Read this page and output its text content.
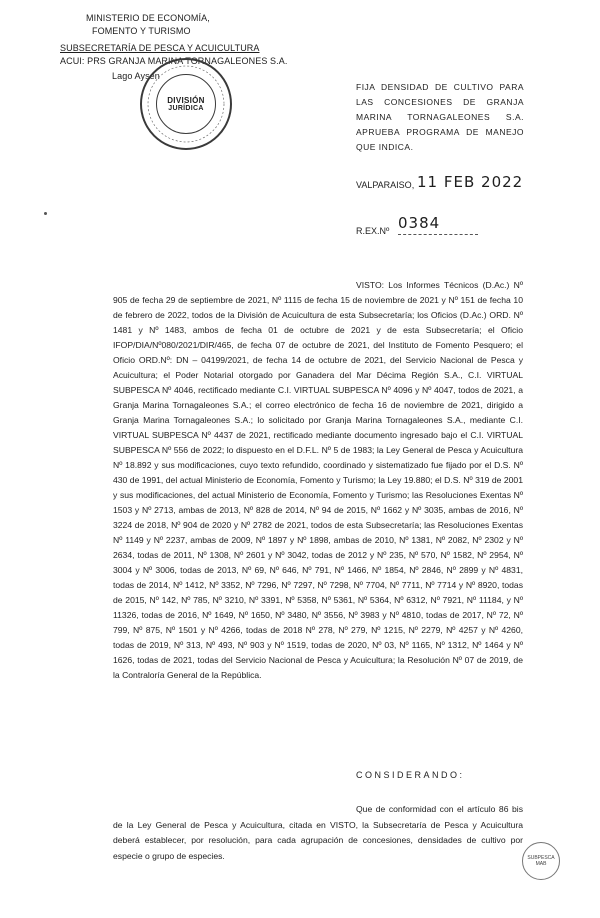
MINISTERIO DE ECONOMÍA,
FOMENTO Y TURISMO
SUBSECRETARÍA DE PESCA Y ACUICULTURA
ACUI: PRS GRANJA MARINA TORNAGALEONES S.A.
Lago Aysén
DIVISIÓN
JURÍDICA
FIJA DENSIDAD DE CULTIVO PARA LAS CONCESIONES DE GRANJA MARINA TORNAGALEONES S.A. APRUEBA PROGRAMA DE MANEJO QUE INDICA.
VALPARAISO, 11 FEB 2022
R.EX.Nº 0384
VISTO: Los Informes Técnicos (D.Ac.) Nº 905 de fecha 29 de septiembre de 2021, Nº 1115 de fecha 15 de noviembre de 2021 y Nº 151 de fecha 10 de febrero de 2022, todos de la División de Acuicultura de esta Subsecretaría; los Oficios (D.Ac.) ORD. Nº 1481 y Nº 1483, ambos de fecha 01 de octubre de 2021 y de esta Subsecretaría; el Oficio IFOP/DIA/Nº080/2021/DIR/465, de fecha 07 de octubre de 2021, del Instituto de Fomento Pesquero; el Oficio ORD.Nº: DN – 04199/2021, de fecha 14 de octubre de 2021, del Servicio Nacional de Pesca y Acuicultura; el Poder Notarial otorgado por Ganadera del Mar Décima Región S.A., C.I. VIRTUAL SUBPESCA Nº 4046, rectificado mediante C.I. VIRTUAL SUBPESCA Nº 4096 y Nº 4047, todos de 2021, a Granja Marina Tornagaleones S.A.; el correo electrónico de fecha 16 de noviembre de 2021, dirigido a Granja Marina Tornagaleones S.A.; lo solicitado por Granja Marina Tornagaleones S.A., mediante C.I. VIRTUAL SUBPESCA Nº 4437 de 2021, rectificado mediante documento ingresado bajo el C.I. VIRTUAL SUBPESCA Nº 556 de 2022; lo dispuesto en el D.F.L. Nº 5 de 1983; la Ley General de Pesca y Acuicultura Nº 18.892 y sus modificaciones, cuyo texto refundido, coordinado y sistematizado fue fijado por el D.S. Nº 430 de 1991, del actual Ministerio de Economía, Fomento y Turismo; la Ley 19.880; el D.S. Nº 319 de 2001 y sus modificaciones, del actual Ministerio de Economía, Fomento y Turismo; las Resoluciones Exentas Nº 1503 y Nº 2713, ambas de 2013, Nº 828 de 2014, Nº 94 de 2015, Nº 1662 y Nº 3035, ambas de 2016, Nº 3224 de 2018, Nº 904 de 2020 y Nº 2782 de 2021, todos de esta Subsecretaría; las Resoluciones Exentas Nº 1149 y Nº 2237, ambas de 2009, Nº 1897 y Nº 1898, ambas de 2010, Nº 1381, Nº 2082, Nº 2302 y Nº 2634, todas de 2011, Nº 1308, Nº 2601 y Nº 3042, todas de 2012 y Nº 235, Nº 570, Nº 1582, Nº 2954, Nº 3004 y Nº 3006, todas de 2013, Nº 69, Nº 646, Nº 791, Nº 1466, Nº 1854, Nº 2846, Nº 2899 y Nº 4831, todas de 2014, Nº 1412, Nº 3352, Nº 7296, Nº 7297, Nº 7298, Nº 7704, Nº 7711, Nº 7714 y Nº 8920, todas de 2015, Nº 142, Nº 785, Nº 3210, Nº 3391, Nº 5358, Nº 5361, Nº 5364, Nº 6312, Nº 7921, Nº 11184, y Nº 11326, todas de 2016, Nº 1649, Nº 1650, Nº 3480, Nº 3556, Nº 3983 y Nº 4810, todas de 2017, Nº 72, Nº 799, Nº 875, Nº 1501 y Nº 4266, todas de 2018 Nº 278, Nº 279, Nº 1215, Nº 2279, Nº 4257 y Nº 4260, todas de 2019, Nº 313, Nº 493, Nº 903 y Nº 1519, todas de 2020, Nº 03, Nº 1165, Nº 1312, Nº 1464 y Nº 1626, todas de 2021, todas del Servicio Nacional de Pesca y Acuicultura; la Resolución Nº 07 de 2019, de la Contraloría General de la República.
CONSIDERANDO:
Que de conformidad con el artículo 86 bis de la Ley General de Pesca y Acuicultura, citada en VISTO, la Subsecretaría de Pesca y Acuicultura deberá establecer, por resolución, para cada agrupación de concesiones, densidades de cultivo por especie o grupo de especies.	SUBPESCA
MAB
